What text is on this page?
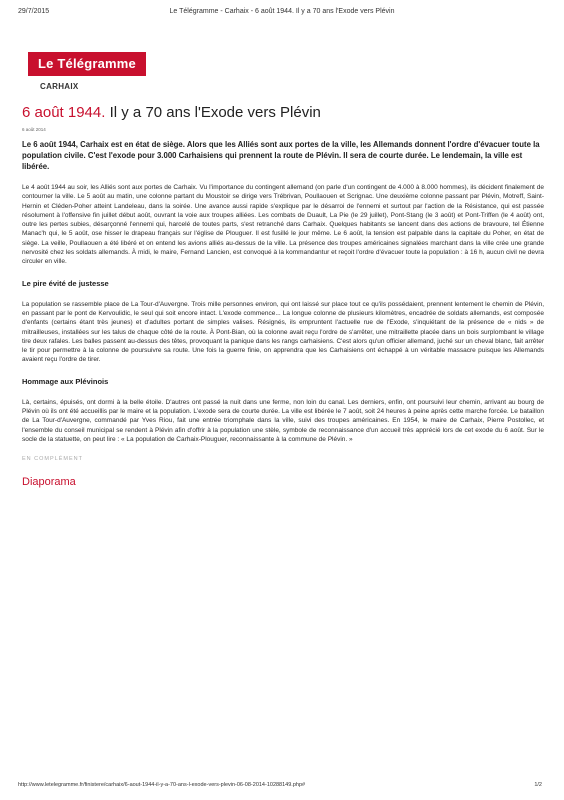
29/7/2015	Le Télégramme - Carhaix - 6 août 1944. Il y a 70 ans l'Exode vers Plévin
Le Télégramme
CARHAIX
6 août 1944. Il y a 70 ans l'Exode vers Plévin
6 août 2014

Le 6 août 1944, Carhaix est en état de siège. Alors que les Alliés sont aux portes de la ville, les Allemands donnent l'ordre d'évacuer toute la population civile. C'est l'exode pour 3.000 Carhaisiens qui prennent la route de Plévin. Il sera de courte durée. Le lendemain, la ville est libérée.

Le 4 août 1944 au soir, les Alliés sont aux portes de Carhaix. Vu l'importance du contingent allemand (on parle d'un contingent de 4.000 à 8.000 hommes), ils décident finalement de contourner la ville. Le 5 août au matin, une colonne partant du Moustoir se dirige vers Trébrivan, Poullaouen et Scrignac. Une deuxième colonne passant par Plévin, Motreff, Saint-Hernin et Cléden-Poher atteint Landeleau, dans la soirée. Une avance aussi rapide s'explique par le désarroi de l'ennemi et surtout par l'action de la Résistance, qui est passée résolument à l'offensive fin juillet début août, ouvrant la voie aux troupes alliées. Les combats de Duault, La Pie (le 29 juillet), Pont-Stang (le 3 août) et Pont-Triffen (le 4 août) ont, outre les pertes subies, désarçonné l'ennemi qui, harcelé de toutes parts, s'est retranché dans Carhaix. Quelques habitants se lancent dans des actions de bravoure, tel Étienne Manac'h qui, le 5 août, ose hisser le drapeau français sur l'église de Plouguer. Il est fusillé le jour même. Le 6 août, la tension est palpable dans la capitale du Poher, en état de siège. La veille, Poullaouen a été libéré et on entend les avions alliés au-dessus de la ville. La présence des troupes américaines signalées marchant dans la ville crée une grande nervosité chez les soldats allemands. À midi, le maire, Fernand Lancien, est convoqué à la kommandantur et reçoit l'ordre d'évacuer toute la population : à 16 h, aucun civil ne devra circuler en ville.

Le pire évité de justesse

La population se rassemble place de La Tour-d'Auvergne. Trois mille personnes environ, qui ont laissé sur place tout ce qu'ils possédaient, prennent lentement le chemin de Plévin, en passant par le pont de Kervoulidic, le seul qui soit encore intact. L'exode commence... La longue colonne de plusieurs kilomètres, encadrée de soldats allemands, est composée d'enfants (certains étant très jeunes) et d'adultes portant de simples valises. Résignés, ils empruntent l'actuelle rue de l'Exode, s'inquiétant de la présence de « nids » de mitrailleuses, installées sur les talus de chaque côté de la route. À Pont-Bian, où la colonne avait reçu l'ordre de s'arrêter, une mitraillette placée dans un bois surplombant le village tire deux rafales. Les balles passent au-dessus des têtes, provoquant la panique dans les rangs carhaisiens. C'est alors qu'un officier allemand, juché sur un cheval blanc, fait arrêter le tir pour permettre à la colonne de poursuivre sa route. Une fois la guerre finie, on apprendra que les Carhaisiens ont échappé à un véritable massacre puisque les Allemands avaient reçu l'ordre de tirer.

Hommage aux Plévinois

Là, certains, épuisés, ont dormi à la belle étoile. D'autres ont passé la nuit dans une ferme, non loin du canal. Les derniers, enfin, ont poursuivi leur chemin, arrivant au bourg de Plévin où ils ont été accueillis par le maire et la population. L'exode sera de courte durée. La ville est libérée le 7 août, soit 24 heures à peine après cette marche forcée. Le bataillon de La Tour-d'Auvergne, commandé par Yves Riou, fait une entrée triomphale dans la ville, suivi des troupes américaines. En 1954, le maire de Carhaix, Pierre Postollec, et l'ensemble du conseil municipal se rendent à Plévin afin d'offrir à la population une stèle, symbole de reconnaissance d'un accueil très apprécié lors de cet exode du 6 août. Sur le socle de la statuette, on peut lire : « La population de Carhaix-Plouguer, reconnaissante à la commune de Plévin. »

EN COMPLÉMENT
Diaporama
http://www.letelegramme.fr/finistere/carhaix/6-aout-1944-il-y-a-70-ans-l-exode-vers-plevin-06-08-2014-10288149.php#	1/2
